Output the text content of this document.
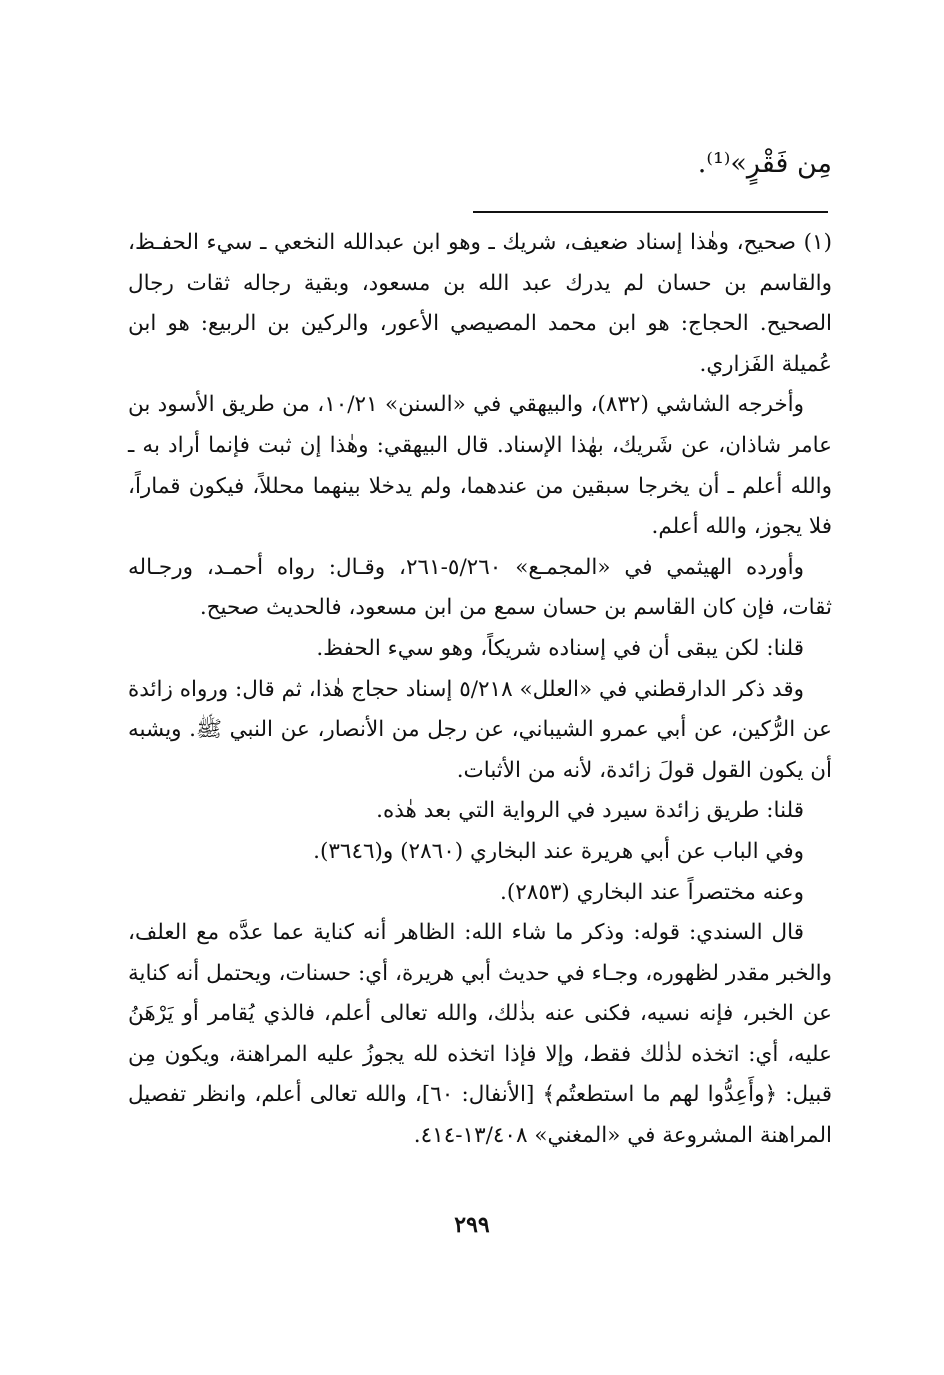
مِن فَقْرٍ»⁽¹⁾.

(١) صحيح، وهٰذا إسناد ضعيف، شريك ـ وهو ابن عبدالله النخعي ـ سيء الحفـظ، والقاسم بن حسان لم يدرك عبد الله بن مسعود، وبقية رجاله ثقات رجال الصحيح. الحجاج: هو ابن محمد المصيصي الأعور، والركين بن الربيع: هو ابن عُميلة الفَزاري.

وأخرجه الشاشي (٨٣٢)، والبيهقي في «السنن» ١٠/٢١، من طريق الأسود بن عامر شاذان، عن شَريك، بهٰذا الإسناد. قال البيهقي: وهٰذا إن ثبت فإنما أراد به ـ والله أعلم ـ أن يخرجا سبقين من عندهما، ولم يدخلا بينهما محللاً، فيكون قماراً، فلا يجوز، والله أعلم.

وأورده الهيثمي في «المجمـع» ٥/٢٦٠-٢٦١، وقـال: رواه أحمـد، ورجـاله ثقات، فإن كان القاسم بن حسان سمع من ابن مسعود، فالحديث صحيح.

قلنا: لكن يبقى أن في إسناده شريكاً، وهو سيء الحفظ.

وقد ذكر الدارقطني في «العلل» ٥/٢١٨ إسناد حجاج هٰذا، ثم قال: ورواه زائدة عن الرُّكين، عن أبي عمرو الشيباني، عن رجل من الأنصار، عن النبي ﷺ. ويشبه أن يكون القول قولَ زائدة، لأنه من الأثبات.

قلنا: طريق زائدة سيرد في الرواية التي بعد هٰذه.

وفي الباب عن أبي هريرة عند البخاري (٢٨٦٠) و(٣٦٤٦).

وعنه مختصراً عند البخاري (٢٨٥٣).

قال السندي: قوله: وذكر ما شاء الله: الظاهر أنه كناية عما عدَّه مع العلف، والخبر مقدر لظهوره، وجـاء في حديث أبي هريرة، أي: حسنات، ويحتمل أنه كناية عن الخبر، فإنه نسيه، فكنى عنه بذٰلك، والله تعالى أعلم، فالذي يُقامر أو يَرْهَنُ عليه، أي: اتخذه لذٰلك فقط، وإلا فإذا اتخذه لله يجوزُ عليه المراهنة، ويكون مِن قبيل: ﴿وأَعِدُّوا لهم ما استطعتُم﴾ [الأنفال: ٦٠]، والله تعالى أعلم، وانظر تفصيل المراهنة المشروعة في «المغني» ١٣/٤٠٨-٤١٤.

٢٩٩
